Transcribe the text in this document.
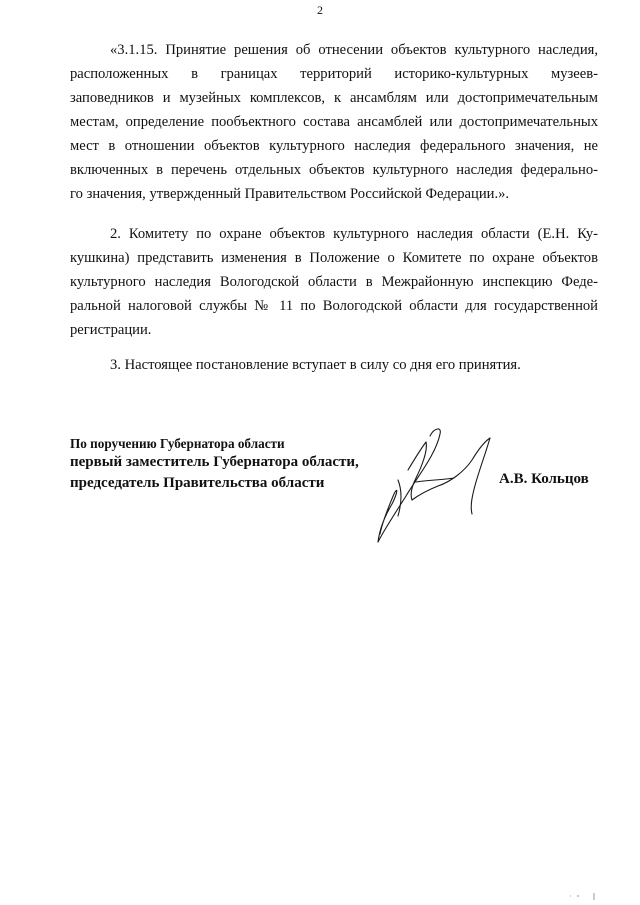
2

«3.1.15. Принятие решения об отнесении объектов культурного наследия,

расположенных в границах территорий историко-культурных музеев-

заповедников и музейных комплексов, к ансамблям или достопримечательным

местам, определение пообъектного состава ансамблей или достопримечательных

мест в отношении объектов культурного наследия федерального значения, не

включенных в перечень отдельных объектов культурного наследия федерально-

го значения, утвержденный Правительством Российской Федерации.».

2. Комитету по охране объектов культурного наследия области (Е.Н. Ку-

кушкина) представить изменения в Положение о Комитете по охране объектов

культурного наследия Вологодской области в Межрайонную инспекцию Феде-

ральной налоговой службы № 11 по Вологодской области для государственной

регистрации.

3. Настоящее постановление вступает в силу со дня его принятия.

По поручению Губернатора области
первый заместитель Губернатора области,
председатель Правительства области	А.В. Кольцов
